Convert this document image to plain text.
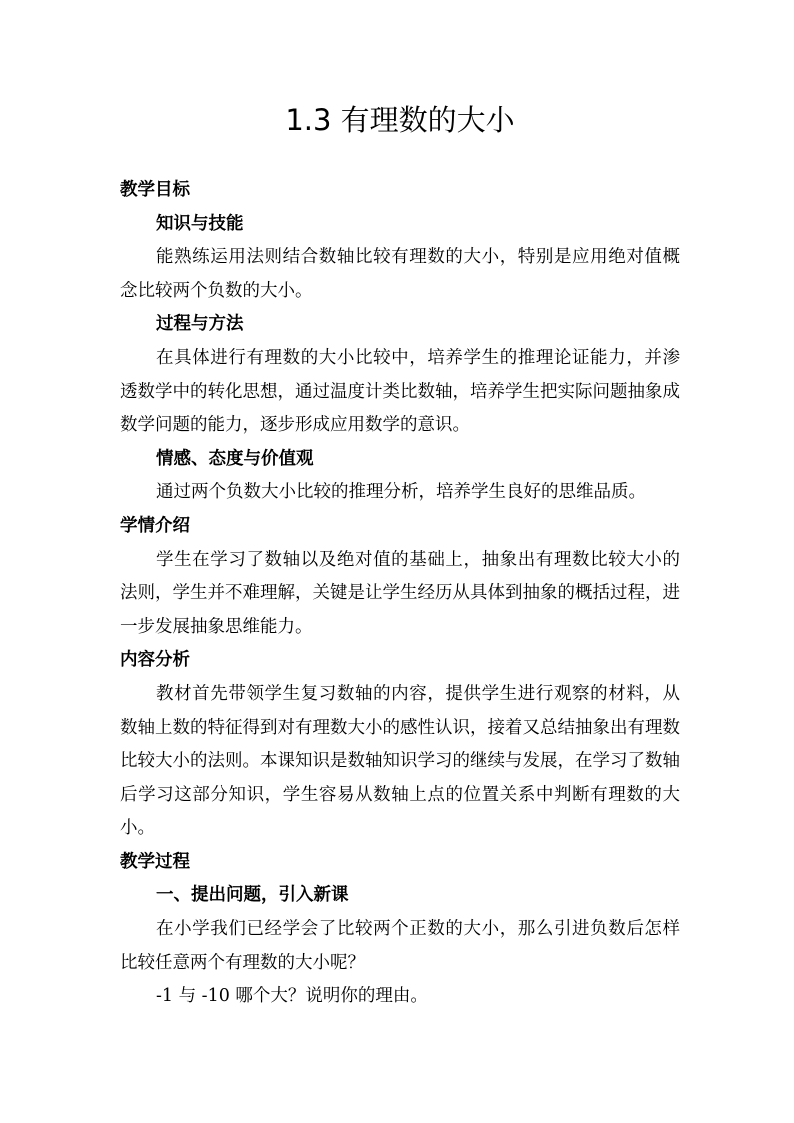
1.3 有理数的大小
教学目标
知识与技能

能熟练运用法则结合数轴比较有理数的大小，特别是应用绝对值概念比较两个负数的大小。

过程与方法

在具体进行有理数的大小比较中，培养学生的推理论证能力，并渗透数学中的转化思想，通过温度计类比数轴，培养学生把实际问题抽象成数学问题的能力，逐步形成应用数学的意识。

情感、态度与价值观

通过两个负数大小比较的推理分析，培养学生良好的思维品质。

学情介绍

学生在学习了数轴以及绝对值的基础上，抽象出有理数比较大小的法则，学生并不难理解，关键是让学生经历从具体到抽象的概括过程，进一步发展抽象思维能力。

内容分析

教材首先带领学生复习数轴的内容，提供学生进行观察的材料，从数轴上数的特征得到对有理数大小的感性认识，接着又总结抽象出有理数比较大小的法则。本课知识是数轴知识学习的继续与发展，在学习了数轴后学习这部分知识，学生容易从数轴上点的位置关系中判断有理数的大小。

教学过程
一、提出问题，引入新课

在小学我们已经学会了比较两个正数的大小，那么引进负数后怎样比较任意两个有理数的大小呢？

-1 与 -10 哪个大？说明你的理由。
